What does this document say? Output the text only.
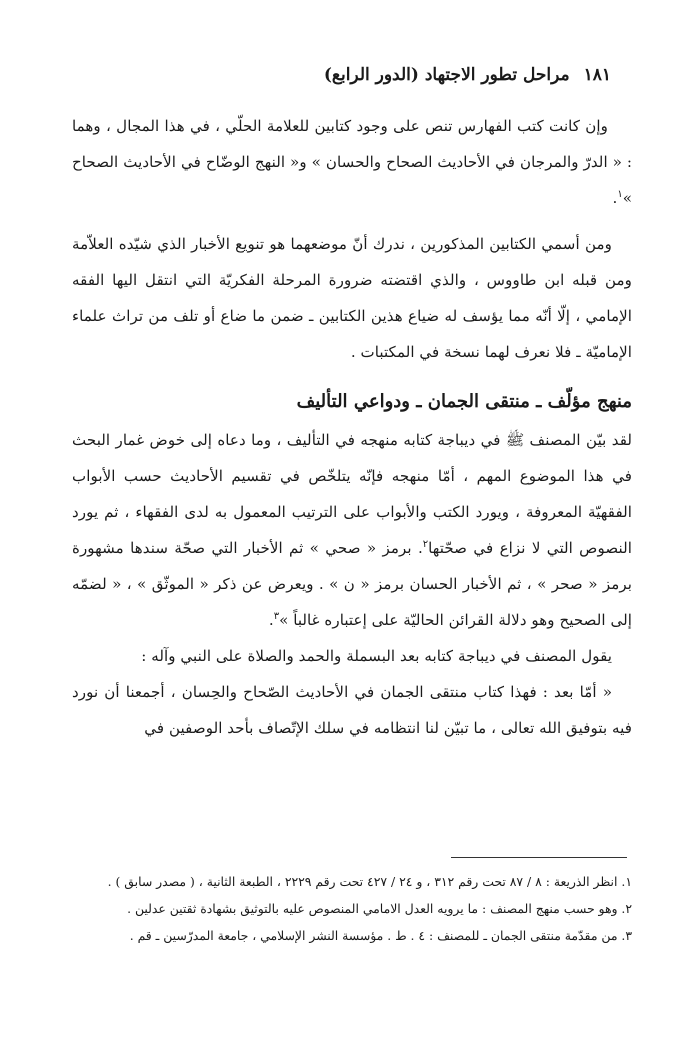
١٨١
مراحل تطور الاجتهاد (الدور الرابع)

وإن كانت كتب الفهارس تنص على وجود كتابين للعلامة الحلّي ، في هذا المجال ، وهما : « الدرّ والمرجان في الأحاديث الصحاح والحسان » و« النهج الوضّاح في الأحاديث الصحاح »$^١$.

ومن أسمي الكتابين المذكورين ، ندرك أنّ موضعهما هو تنويع الأخبار الذي شيّده العلاّمة ومن قبله ابن طاووس ، والذي اقتضته ضرورة المرحلة الفكريّة التي انتقل اليها الفقه الإمامي ، إلّا أنّه مما يؤسف له ضياع هذين الكتابين ـ ضمن ما ضاع أو تلف من تراث علماء الإماميّة ـ فلا نعرف لهما نسخة في المكتبات .

منهج مؤلّف ـ منتقى الجمان ـ ودواعي التأليف

لقد بيّن المصنف ﷺ في ديباجة كتابه منهجه في التأليف ، وما دعاه إلى خوض غمار البحث في هذا الموضوع المهم ، أمّا منهجه فإنّه يتلخّص في تقسيم الأحاديث حسب الأبواب الفقهيّة المعروفة ، ويورد الكتب والأبواب على الترتيب المعمول به لدى الفقهاء ، ثم يورد النصوص التي لا نزاع في صحّتها$^٢$. برمز « صحي » ثم الأخبار التي صحّة سندها مشهورة برمز « صحر » ، ثم الأخبار الحسان برمز « ن » . ويعرض عن ذكر « الموثّق » ، « لضمّه إلى الصحيح وهو دلالة القرائن الحاليّة على إعتباره غالباً »$^٣$.

يقول المصنف في ديباجة كتابه بعد البسملة والحمد والصلاة على النبي وآله :

« أمّا بعد : فهذا كتاب منتقى الجمان في الأحاديث الصّحاح والحِسان ، أجمعنا أن نورد فيه بتوفيق الله تعالى ، ما تبيّن لنا انتظامه في سلك الإتّصاف بأحد الوصفين في

١. انظر الذريعة : ٨ / ٨٧ تحت رقم ٣١٢ ، و ٢٤ / ٤٢٧ تحت رقم ٢٢٢٩ ، الطبعة الثانية ، ( مصدر سابق ) .

٢. وهو حسب منهج المصنف : ما يرويه العدل الامامي المنصوص عليه بالتوثيق بشهادة ثقتين عدلين .

٣. من مقدّمة منتقى الجمان ـ للمصنف : ٤ . ط . مؤسسة النشر الإسلامي ، جامعة المدرّسين ـ قم .
